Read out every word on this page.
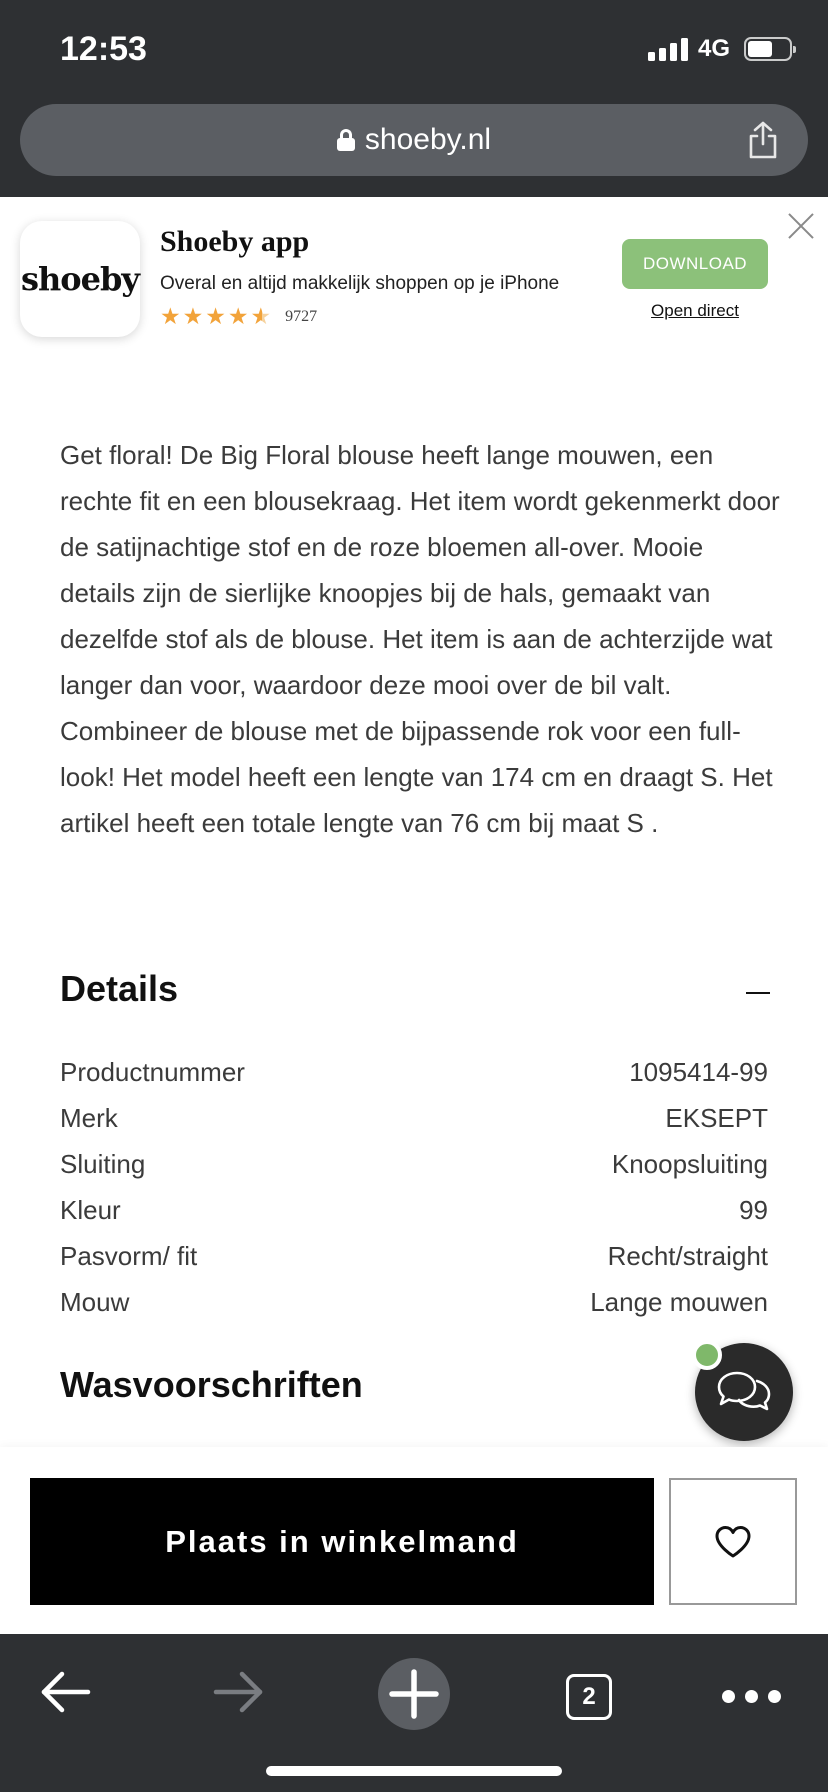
12:53	4G
shoeby.nl
shoeby
Shoeby app
Overal en altijd makkelijk shoppen op je iPhone
★ ★ ★ ★ ★ 9727
DOWNLOAD
Open direct

Get floral! De Big Floral blouse heeft lange mouwen, een rechte fit en een blousekraag. Het item wordt gekenmerkt door de satijnachtige stof en de roze bloemen all-over. Mooie details zijn de sierlijke knoopjes bij de hals, gemaakt van dezelfde stof als de blouse. Het item is aan de achterzijde wat langer dan voor, waardoor deze mooi over de bil valt. Combineer de blouse met de bijpassende rok voor een full-look! Het model heeft een lengte van 174 cm en draagt S. Het artikel heeft een totale lengte van 76 cm bij maat S .

Details
Productnummer	1095414-99
Merk	EKSEPT
Sluiting	Knoopsluiting
Kleur	99
Pasvorm/ fit	Recht/straight
Mouw	Lange mouwen
Wasvoorschriften
Plaats in winkelmand
2
